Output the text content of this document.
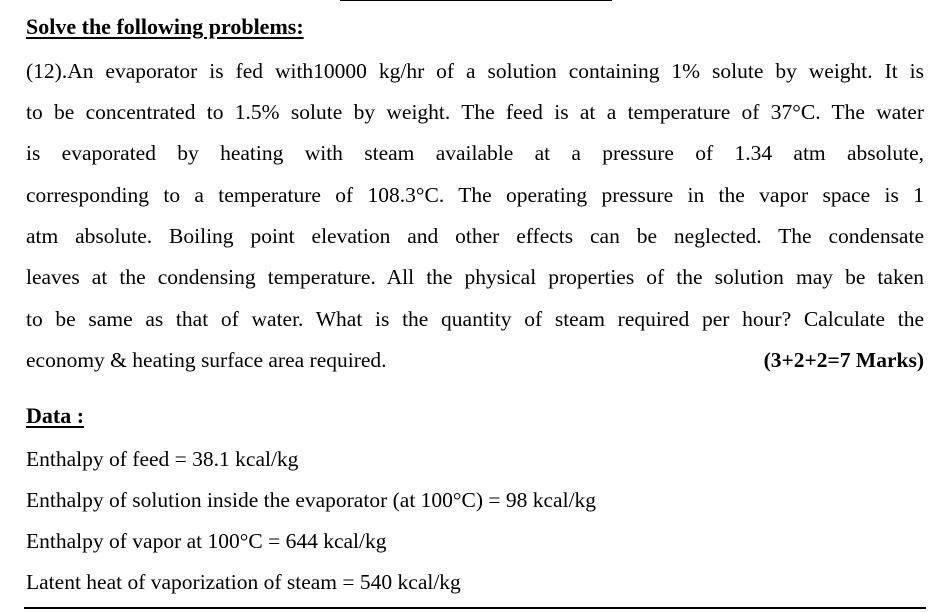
Solve the following problems:
(12).An evaporator is fed with10000 kg/hr of a solution containing 1% solute by weight. It is
to be concentrated to 1.5% solute by weight. The feed is at a temperature of 37°C. The water
is evaporated by heating with steam available at a pressure of 1.34 atm absolute,
corresponding to a temperature of 108.3°C. The operating pressure in the vapor space is 1
atm absolute. Boiling point elevation and other effects can be neglected. The condensate
leaves at the condensing temperature. All the physical properties of the solution may be taken
to be same as that of water. What is the quantity of steam required per hour? Calculate the
economy & heating surface area required.	(3+2+2=7 Marks)
Data :
Enthalpy of feed = 38.1 kcal/kg
Enthalpy of solution inside the evaporator (at 100°C) = 98 kcal/kg
Enthalpy of vapor at 100°C = 644 kcal/kg
Latent heat of vaporization of steam = 540 kcal/kg
